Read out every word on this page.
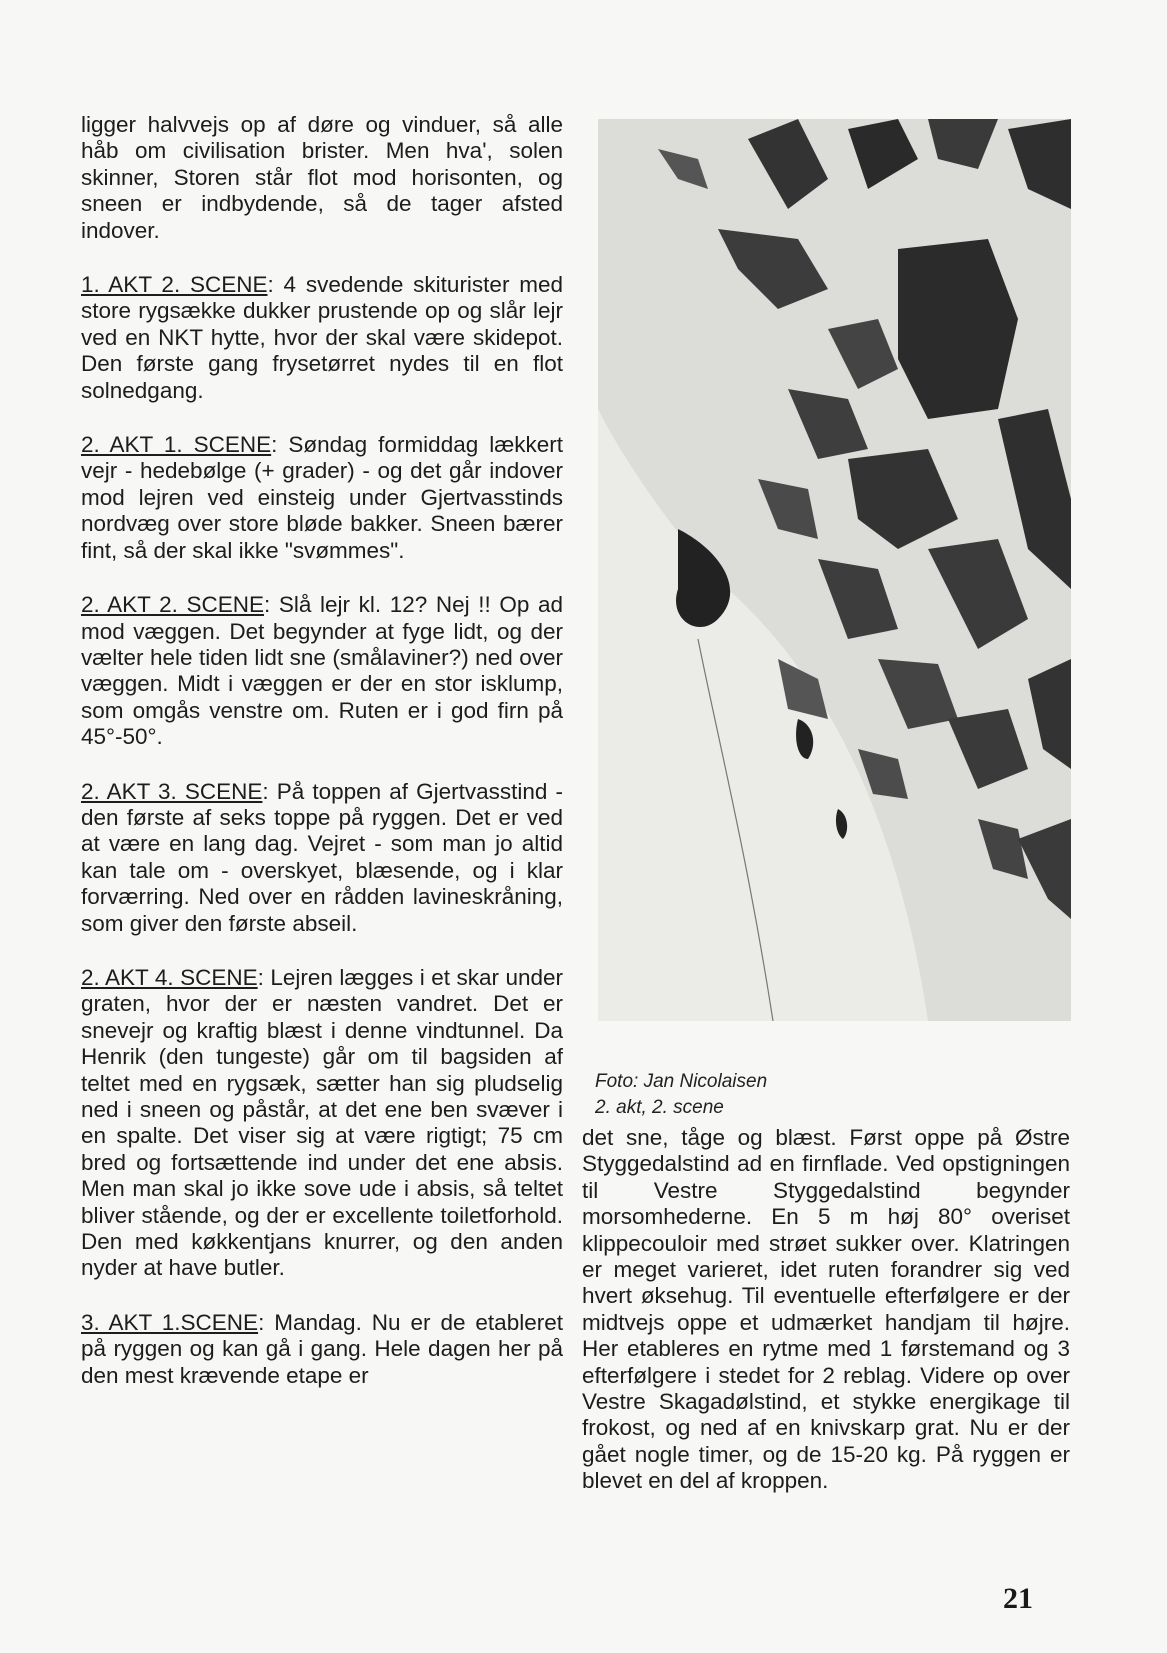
ligger halvvejs op af døre og vinduer, så alle håb om civilisation brister. Men hva', solen skinner, Storen står flot mod horisonten, og sneen er indbydende, så de tager afsted indover.

1. AKT 2. SCENE: 4 svedende skiturister med store rygsække dukker prustende op og slår lejr ved en NKT hytte, hvor der skal være skidepot. Den første gang frysetørret nydes til en flot solnedgang.

2. AKT 1. SCENE: Søndag formiddag lækkert vejr - hedebølge (+ grader) - og det går indover mod lejren ved einsteig under Gjertvasstinds nordvæg over store bløde bakker. Sneen bærer fint, så der skal ikke "svømmes".

2. AKT 2. SCENE: Slå lejr kl. 12? Nej !! Op ad mod væggen. Det begynder at fyge lidt, og der vælter hele tiden lidt sne (smålaviner?) ned over væggen. Midt i væggen er der en stor isklump, som omgås venstre om. Ruten er i god firn på 45°-50°.

2. AKT 3. SCENE: På toppen af Gjertvasstind - den første af seks toppe på ryggen. Det er ved at være en lang dag. Vejret - som man jo altid kan tale om - overskyet, blæsende, og i klar forværring. Ned over en rådden lavineskråning, som giver den første abseil.

2. AKT 4. SCENE: Lejren lægges i et skar under graten, hvor der er næsten vandret. Det er snevejr og kraftig blæst i denne vindtunnel. Da Henrik (den tungeste) går om til bagsiden af teltet med en rygsæk, sætter han sig pludselig ned i sneen og påstår, at det ene ben svæver i en spalte. Det viser sig at være rigtigt; 75 cm bred og fortsættende ind under det ene absis. Men man skal jo ikke sove ude i absis, så teltet bliver stående, og der er excellente toiletforhold. Den med køkkentjans knurrer, og den anden nyder at have butler.

3. AKT 1.SCENE: Mandag. Nu er de etableret på ryggen og kan gå i gang. Hele dagen her på den mest krævende etape er

Foto: Jan Nicolaisen
2. akt, 2. scene

det sne, tåge og blæst. Først oppe på Østre Styggedalstind ad en firnflade. Ved opstigningen til Vestre Styggedalstind begynder morsomhederne. En 5 m høj 80° overiset klippecouloir med strøet sukker over. Klatringen er meget varieret, idet ruten forandrer sig ved hvert øksehug. Til eventuelle efterfølgere er der midtvejs oppe et udmærket handjam til højre. Her etableres en rytme med 1 førstemand og 3 efterfølgere i stedet for 2 reblag. Videre op over Vestre Skagadølstind, et stykke energikage til frokost, og ned af en knivskarp grat. Nu er der gået nogle timer, og de 15-20 kg. På ryggen er blevet en del af kroppen.

21
